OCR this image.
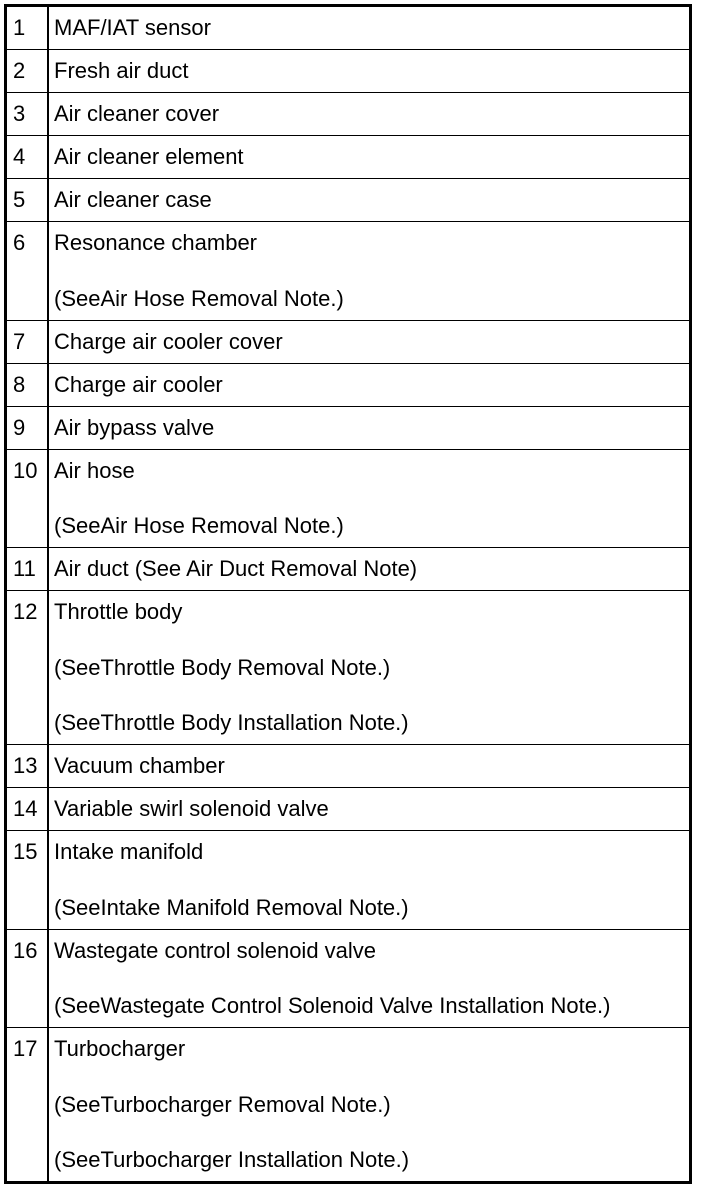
1	MAF/IAT sensor

2	Fresh air duct

3	Air cleaner cover

4	Air cleaner element

5	Air cleaner case

6	Resonance chamber
(SeeAir Hose Removal Note.)

7	Charge air cooler cover

8	Charge air cooler

9	Air bypass valve

10	Air hose
(SeeAir Hose Removal Note.)

11	Air duct (See Air Duct Removal Note)

12	Throttle body
(SeeThrottle Body Removal Note.)
(SeeThrottle Body Installation Note.)

13	Vacuum chamber

14	Variable swirl solenoid valve

15	Intake manifold
(SeeIntake Manifold Removal Note.)

16	Wastegate control solenoid valve
(SeeWastegate Control Solenoid Valve Installation Note.)

17	Turbocharger
(SeeTurbocharger Removal Note.)
(SeeTurbocharger Installation Note.)
